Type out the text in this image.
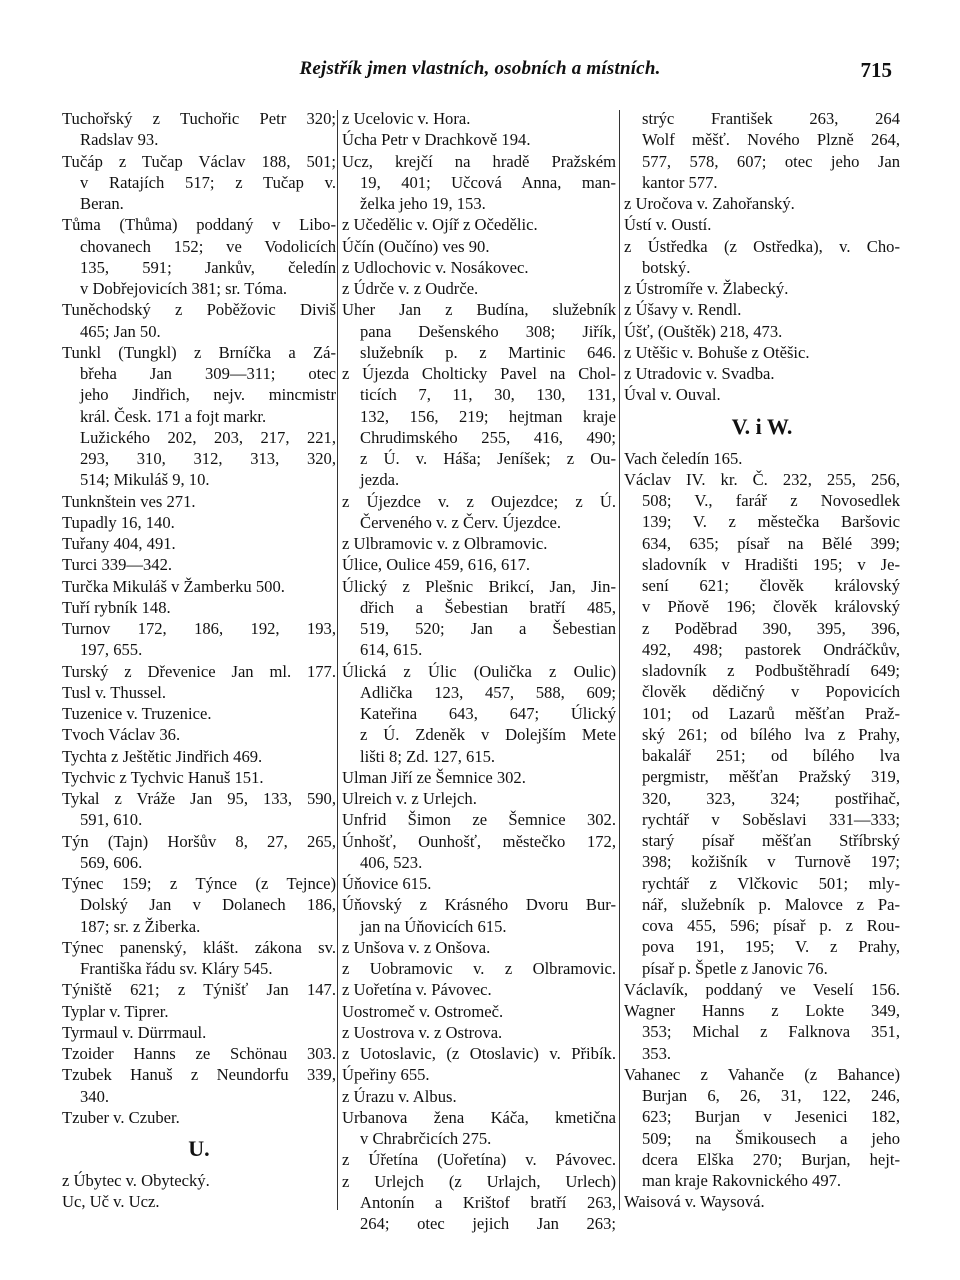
Rejstřík jmen vlastních, osobních a místních.	715
Tuchořský z Tuchořic Petr 320;
Radslav 93.
Tučáp z Tučap Václav 188, 501;
v Ratajích 517; z Tučap v.
Beran.
Tůma (Thůma) poddaný v Libo-
chovanech 152; ve Vodolicích
135, 591; Jankův, čeledín
v Dobřejovicích 381; sr. Tóma.
Tuněchodský z Poběžovic Diviš
465; Jan 50.
Tunkl (Tungkl) z Brníčka a Zá-
břeha Jan 309—311; otec
jeho Jindřich, nejv. mincmistr
král. Česk. 171 a fojt markr.
Lužického 202, 203, 217, 221,
293, 310, 312, 313, 320,
514; Mikuláš 9, 10.
Tunknštein ves 271.
Tupadly 16, 140.
Tuřany 404, 491.
Turci 339—342.
Turčka Mikuláš v Žamberku 500.
Tuří rybník 148.
Turnov 172, 186, 192, 193,
197, 655.
Turský z Dřevenice Jan ml. 177.
Tusl v. Thussel.
Tuzenice v. Truzenice.
Tvoch Václav 36.
Tychta z Ještětic Jindřich 469.
Tychvic z Tychvic Hanuš 151.
Tykal z Vráže Jan 95, 133, 590,
591, 610.
Týn (Tajn) Horšův 8, 27, 265,
569, 606.
Týnec 159; z Týnce (z Tejnce)
Dolský Jan v Dolanech 186,
187; sr. z Žiberka.
Týnec panenský, klášt. zákona sv.
Františka řádu sv. Kláry 545.
Týniště 621; z Týnišť Jan 147.
Typlar v. Tiprer.
Tyrmaul v. Dürrmaul.
Tzoider Hanns ze Schönau 303.
Tzubek Hanuš z Neundorfu 339,
340.
Tzuber v. Czuber.
U.
z Úbytec v. Obytecký.
Uc, Uč v. Ucz.
z Ucelovic v. Hora.
Úcha Petr v Drachkově 194.
Ucz, krejčí na hradě Pražském
19, 401; Učcová Anna, man-
želka jeho 19, 153.
z Učedělic v. Ojíř z Očedělic.
Účín (Oučíno) ves 90.
z Udlochovic v. Nosákovec.
z Údrče v. z Oudrče.
Uher Jan z Budína, služebník
pana Dešenského 308; Jiřík,
služebník p. z Martinic 646.
z Újezda Cholticky Pavel na Chol-
ticích 7, 11, 30, 130, 131,
132, 156, 219; hejtman kraje
Chrudimského 255, 416, 490;
z Ú. v. Háša; Jeníšek; z Ou-
jezda.
z Újezdce v. z Oujezdce; z Ú.
Červeného v. z Červ. Újezdce.
z Ulbramovic v. z Olbramovic.
Úlice, Oulice 459, 616, 617.
Úlický z Plešnic Brikcí, Jan, Jin-
dřich a Šebestian bratří 485,
519, 520; Jan a Šebestian
614, 615.
Úlická z Úlic (Oulička z Oulic)
Adlička 123, 457, 588, 609;
Kateřina 643, 647; Úlický
z Ú. Zdeněk v Dolejším Mete
lišti 8; Zd. 127, 615.
Ulman Jiří ze Šemnice 302.
Ulreich v. z Urlejch.
Unfrid Šimon ze Šemnice 302.
Únhošť, Ounhošť, městečko 172,
406, 523.
Úňovice 615.
Úňovský z Krásného Dvoru Bur-
jan na Úňovicích 615.
z Unšova v. z Onšova.
z Uobramovic v. z Olbramovic.
z Uořetína v. Pávovec.
Uostromeč v. Ostromeč.
z Uostrova v. z Ostrova.
z Uotoslavic, (z Otoslavic) v. Přibík.
Úpeřiny 655.
z Úrazu v. Albus.
Urbanova žena Káča, kmetična
v Chrabrčicích 275.
z Úřetína (Uořetína) v. Pávovec.
z Urlejch (z Urlajch, Urlech)
Antonín a Krištof bratří 263,
264; otec jejich Jan 263;
strýc František 263, 264
Wolf měšť. Nového Plzně 264,
577, 578, 607; otec jeho Jan
kantor 577.
z Uročova v. Zahořanský.
Ústí v. Oustí.
z Ústředka (z Ostředka), v. Cho-
botský.
z Ústromíře v. Žlabecký.
z Úšavy v. Rendl.
Úšť, (Ouštěk) 218, 473.
z Utěšic v. Bohuše z Otěšic.
z Utradovic v. Svadba.
Úval v. Ouval.
V. i W.
Vach čeledín 165.
Václav IV. kr. Č. 232, 255, 256,
508; V., farář z Novosedlek
139; V. z městečka Baršovic
634, 635; písař na Bělé 399;
sladovník v Hradišti 195; v Je-
sení 621; člověk královský
v Pňově 196; člověk královský
z Poděbrad 390, 395, 396,
492, 498; pastorek Ondráčkův,
sladovník z Podbuštěhradí 649;
člověk dědičný v Popovicích
101; od Lazarů měšťan Praž-
ský 261; od bílého lva z Prahy,
bakalář 251; od bílého lva
pergmistr, měšťan Pražský 319,
320, 323, 324; postřihač,
rychtář v Soběslavi 331—333;
starý písař měšťan Stříbrský
398; kožišník v Turnově 197;
rychtář z Vlčkovic 501; mly-
nář, služebník p. Malovce z Pa-
cova 455, 596; písař p. z Rou-
pova 191, 195; V. z Prahy,
písař p. Špetle z Janovic 76.
Václavík, poddaný ve Veselí 156.
Wagner Hanns z Lokte 349,
353; Michal z Falknova 351,
353.
Vahanec z Vahanče (z Bahance)
Burjan 6, 26, 31, 122, 246,
623; Burjan v Jesenici 182,
509; na Šmikousech a jeho
dcera Elška 270; Burjan, hejt-
man kraje Rakovnického 497.
Waisová v. Waysová.
